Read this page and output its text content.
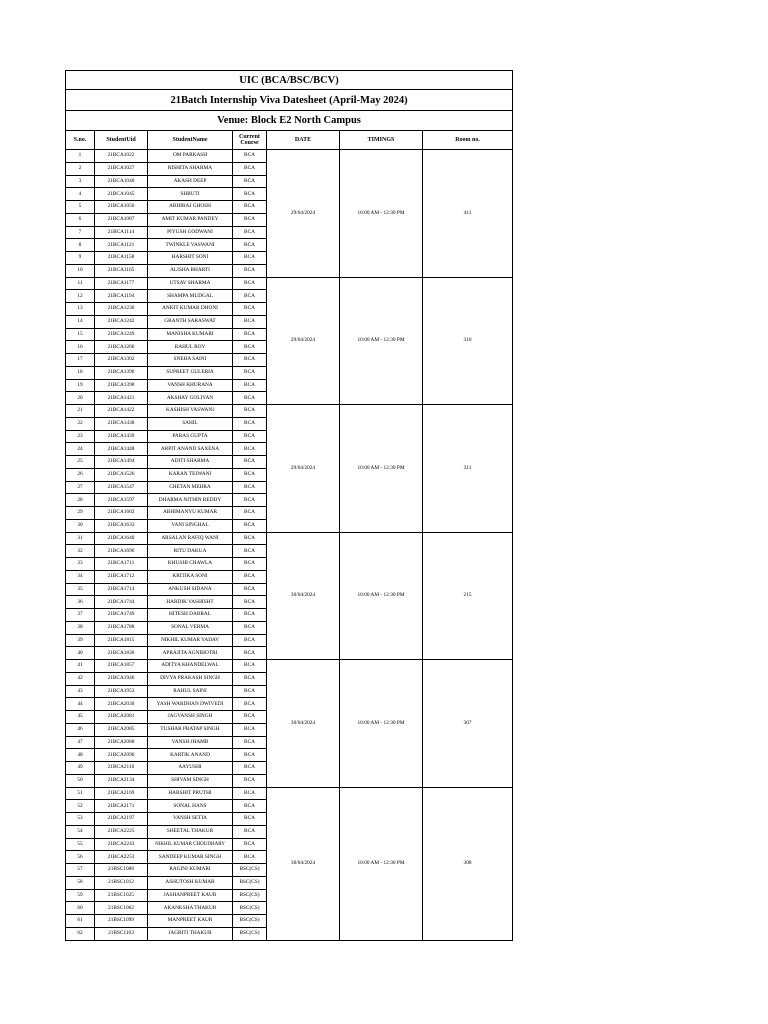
UIC (BCA/BSC/BCV)						
21Batch Internship Viva Datesheet (April-May 2024)						
Venue: Block E2 North Campus						
S.no.	StudentUid	StudentName	Current Course	DATE	TIMINGS	Room no.
1	21BCA1022	OM PARKASH	BCA	29/04/2024	10:00 AM - 12:30 PM	411
2	21BCA1027	RISHITA SHARMA	BCA			
3	21BCA1040	AKASH DEEP	BCA			
4	21BCA1045	SHRUTI	BCA			
5	21BCA1056	ABHIRAJ GHOSH	BCA			
6	21BCA1087	AMIT KUMAR PANDEY	BCA			
7	21BCA1114	PIYUSH GODWANI	BCA			
8	21BCA1121	TWINKLE VASWANI	BCA			
9	21BCA1158	HARSHIT SONI	BCA			
10	21BCA1165	ALISHA BHARTI	BCA			
11	21BCA1177	UTSAV SHARMA	BCA	29/04/2024	10:00 AM - 12:30 PM	310
12	21BCA1194	SHAMPA MUDGAL	BCA			
13	21BCA1230	ANKIT KUMAR DHONI	BCA			
14	21BCA1242	GRANTH SARASWAT	BCA			
15	21BCA1249	MANISHA KUMARI	BCA			
16	21BCA1266	RAHUL ROY	BCA			
17	21BCA1302	SNEHA SAINI	BCA			
18	21BCA1390	SUPREET GULERIA	BCA			
19	21BCA1398	VANSH KHURANA	BCA			
20	21BCA1421	AKSHAY GOLIYAN	BCA			
21	21BCA1422	KASHISH VASWANI	BCA	29/04/2024	10:00 AM - 12:30 PM	311
22	21BCA1438	SAHIL	BCA			
23	21BCA1439	PARAS GUPTA	BCA			
24	21BCA1448	ARPIT ANAND SAXENA	BCA			
25	21BCA1494	ADITI SHARMA	BCA			
26	21BCA1526	KARAN TEJWANI	BCA			
27	21BCA1547	CHETAN MEHRA	BCA			
28	21BCA1597	DHARMA NITHIN REDDY	BCA			
29	21BCA1602	ABHIMANYU KUMAR	BCA			
30	21BCA1633	VANI SINGHAL	BCA			
31	21BCA1640	ARSALAN RAFIQ WANI	BCA	30/04/2024	10:00 AM - 12:30 PM	215
32	21BCA1696	RITU DAKUA	BCA			
33	21BCA1711	KHUSHI CHAWLA	BCA			
34	21BCA1712	KRITIKA SONI	BCA			
35	21BCA1714	ANKUSH SIDANA	BCA			
36	21BCA1744	HARDIK VASHISHT	BCA			
37	21BCA1749	HITESH DABRAL	BCA			
38	21BCA1788	SONAL VERMA	BCA			
39	21BCA1815	NIKHIL KUMAR YADAV	BCA			
40	21BCA1830	APRAJITA AGNIHOTRI	BCA			
41	21BCA1857	ADITYA KHANDELWAL	BCA	30/04/2024	10:00 AM - 12:30 PM	307
42	21BCA1946	DIVYA PRAKASH SINGH	BCA			
43	21BCA1953	RAHUL SAINI	BCA			
44	21BCA2030	YASH WARDHAN DWIVEDI	BCA			
45	21BCA2081	JAGVANSH SINGH	BCA			
46	21BCA2085	TUSHAR PRATAP SINGH	BCA			
47	21BCA2088	VANSH JHAMB	BCA			
48	21BCA2090	KARTIK ANAND	BCA			
49	21BCA2110	AAYUSHI	BCA			
50	21BCA2134	SHIVAM SINGH	BCA			
51	21BCA2169	HARSHIT PRUTHI	BCA	30/04/2024	10:00 AM - 12:30 PM	308
52	21BCA2171	SONAL HANS	BCA			
53	21BCA2197	VANSH SETIA	BCA			
54	21BCA2225	SHEETAL THAKUR	BCA			
55	21BCA2243	NIKHIL KUMAR CHOUDHARY	BCA			
56	21BCA2253	SANDEEP KUMAR SINGH	BCA			
57	21BSC1008	RAGINI KUMARI	BSC(CS)			
58	21BSC1012	ASHUTOSH KUMAR	BSC(CS)			
59	21BSC1025	JASHANPREET KAUR	BSC(CS)			
60	21BSC1062	AKANKSHA THAKUR	BSC(CS)			
61	21BSC1099	MANPREET KAUR	BSC(CS)			
62	21BSC1103	JAGRITI THAKUR	BSC(CS)			
